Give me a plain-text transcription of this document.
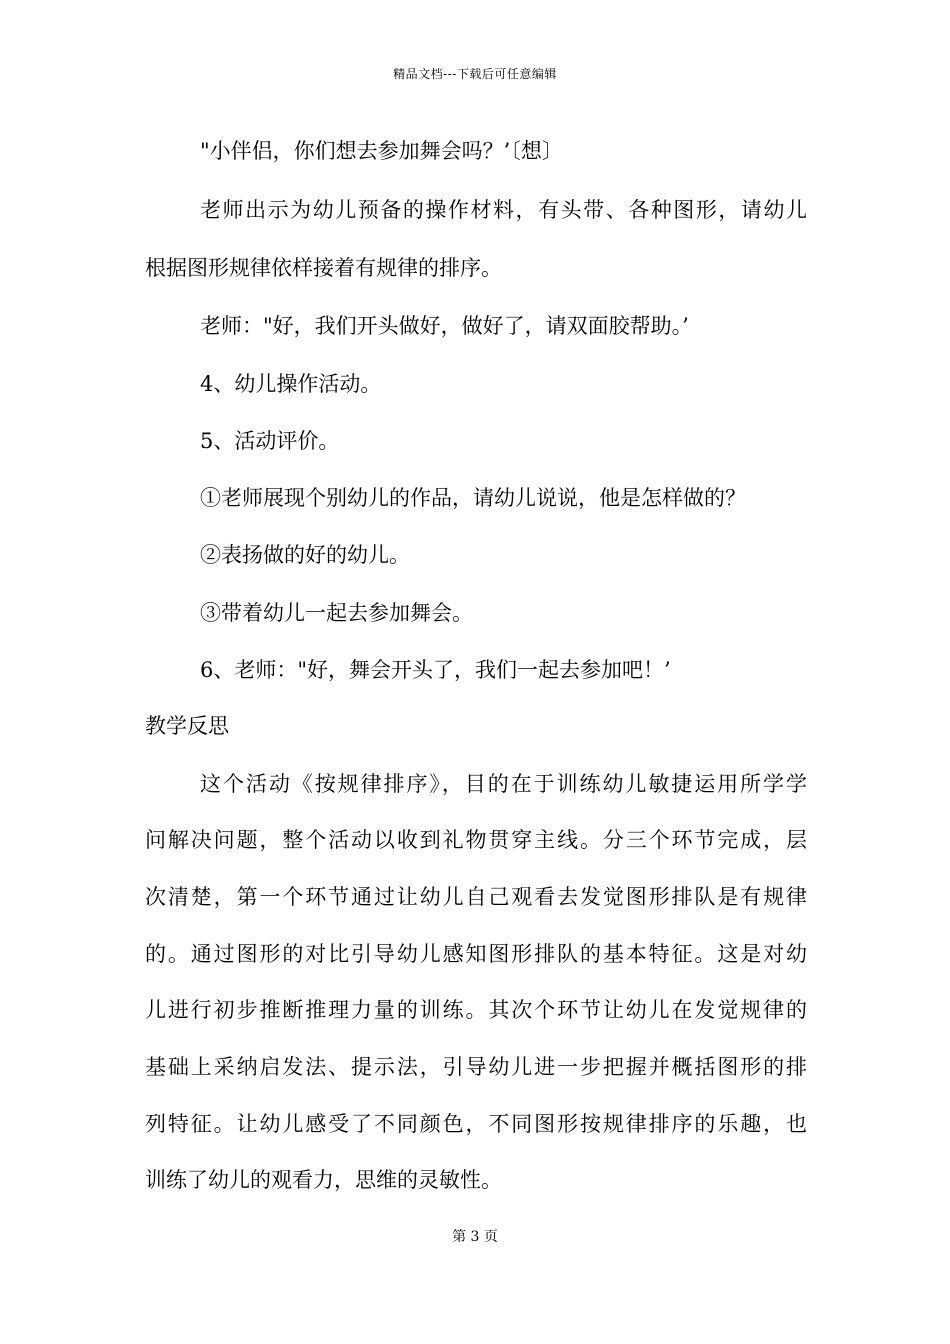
精品文档---下载后可任意编辑
"小伴侣，你们想去参加舞会吗？’〔想〕
老师出示为幼儿预备的操作材料，有头带、各种图形，请幼儿
根据图形规律依样接着有规律的排序。
老师："好，我们开头做好，做好了，请双面胶帮助。’
4、幼儿操作活动。
5、活动评价。
①老师展现个别幼儿的作品，请幼儿说说，他是怎样做的？
②表扬做的好的幼儿。
③带着幼儿一起去参加舞会。
6、老师："好，舞会开头了，我们一起去参加吧！’
教学反思
这个活动《按规律排序》，目的在于训练幼儿敏捷运用所学学
问解决问题，整个活动以收到礼物贯穿主线。分三个环节完成，层
次清楚，第一个环节通过让幼儿自己观看去发觉图形排队是有规律
的。通过图形的对比引导幼儿感知图形排队的基本特征。这是对幼
儿进行初步推断推理力量的训练。其次个环节让幼儿在发觉规律的
基础上采纳启发法、提示法，引导幼儿进一步把握并概括图形的排
列特征。让幼儿感受了不同颜色，不同图形按规律排序的乐趣，也
训练了幼儿的观看力，思维的灵敏性。
第 3 页
